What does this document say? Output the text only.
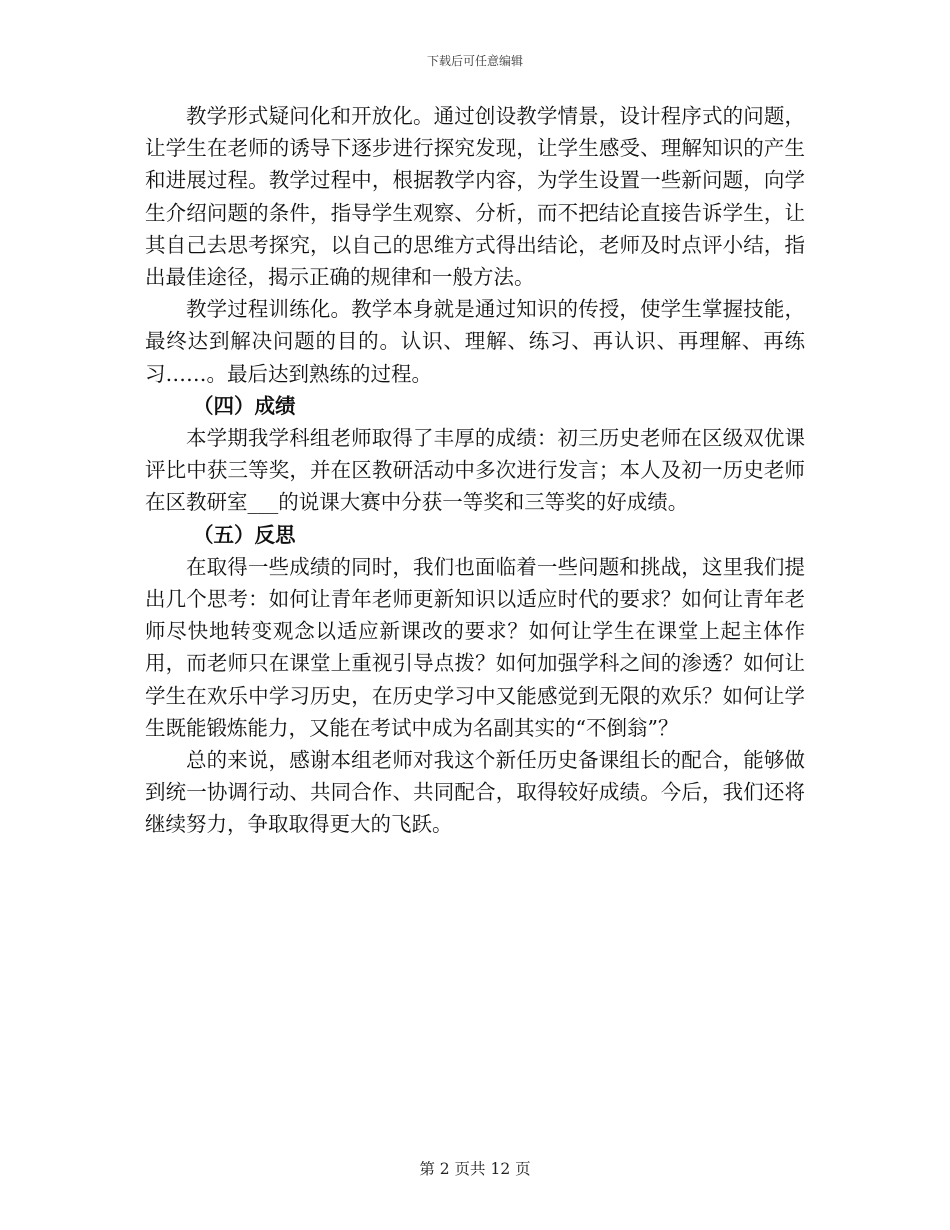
下载后可任意编辑

教学形式疑问化和开放化。通过创设教学情景，设计程序式的问题，让学生在老师的诱导下逐步进行探究发现，让学生感受、理解知识的产生和进展过程。教学过程中，根据教学内容，为学生设置一些新问题，向学生介绍问题的条件，指导学生观察、分析，而不把结论直接告诉学生，让其自己去思考探究，以自己的思维方式得出结论，老师及时点评小结，指出最佳途径，揭示正确的规律和一般方法。

教学过程训练化。教学本身就是通过知识的传授，使学生掌握技能，最终达到解决问题的目的。认识、理解、练习、再认识、再理解、再练习……。最后达到熟练的过程。

（四）成绩

本学期我学科组老师取得了丰厚的成绩：初三历史老师在区级双优课评比中获三等奖，并在区教研活动中多次进行发言；本人及初一历史老师在区教研室___的说课大赛中分获一等奖和三等奖的好成绩。

（五）反思

在取得一些成绩的同时，我们也面临着一些问题和挑战，这里我们提出几个思考：如何让青年老师更新知识以适应时代的要求？如何让青年老师尽快地转变观念以适应新课改的要求？如何让学生在课堂上起主体作用，而老师只在课堂上重视引导点拨？如何加强学科之间的渗透？如何让学生在欢乐中学习历史，在历史学习中又能感觉到无限的欢乐？如何让学生既能锻炼能力，又能在考试中成为名副其实的“不倒翁”？

总的来说，感谢本组老师对我这个新任历史备课组长的配合，能够做到统一协调行动、共同合作、共同配合，取得较好成绩。今后，我们还将继续努力，争取取得更大的飞跃。

第 2 页共 12 页
